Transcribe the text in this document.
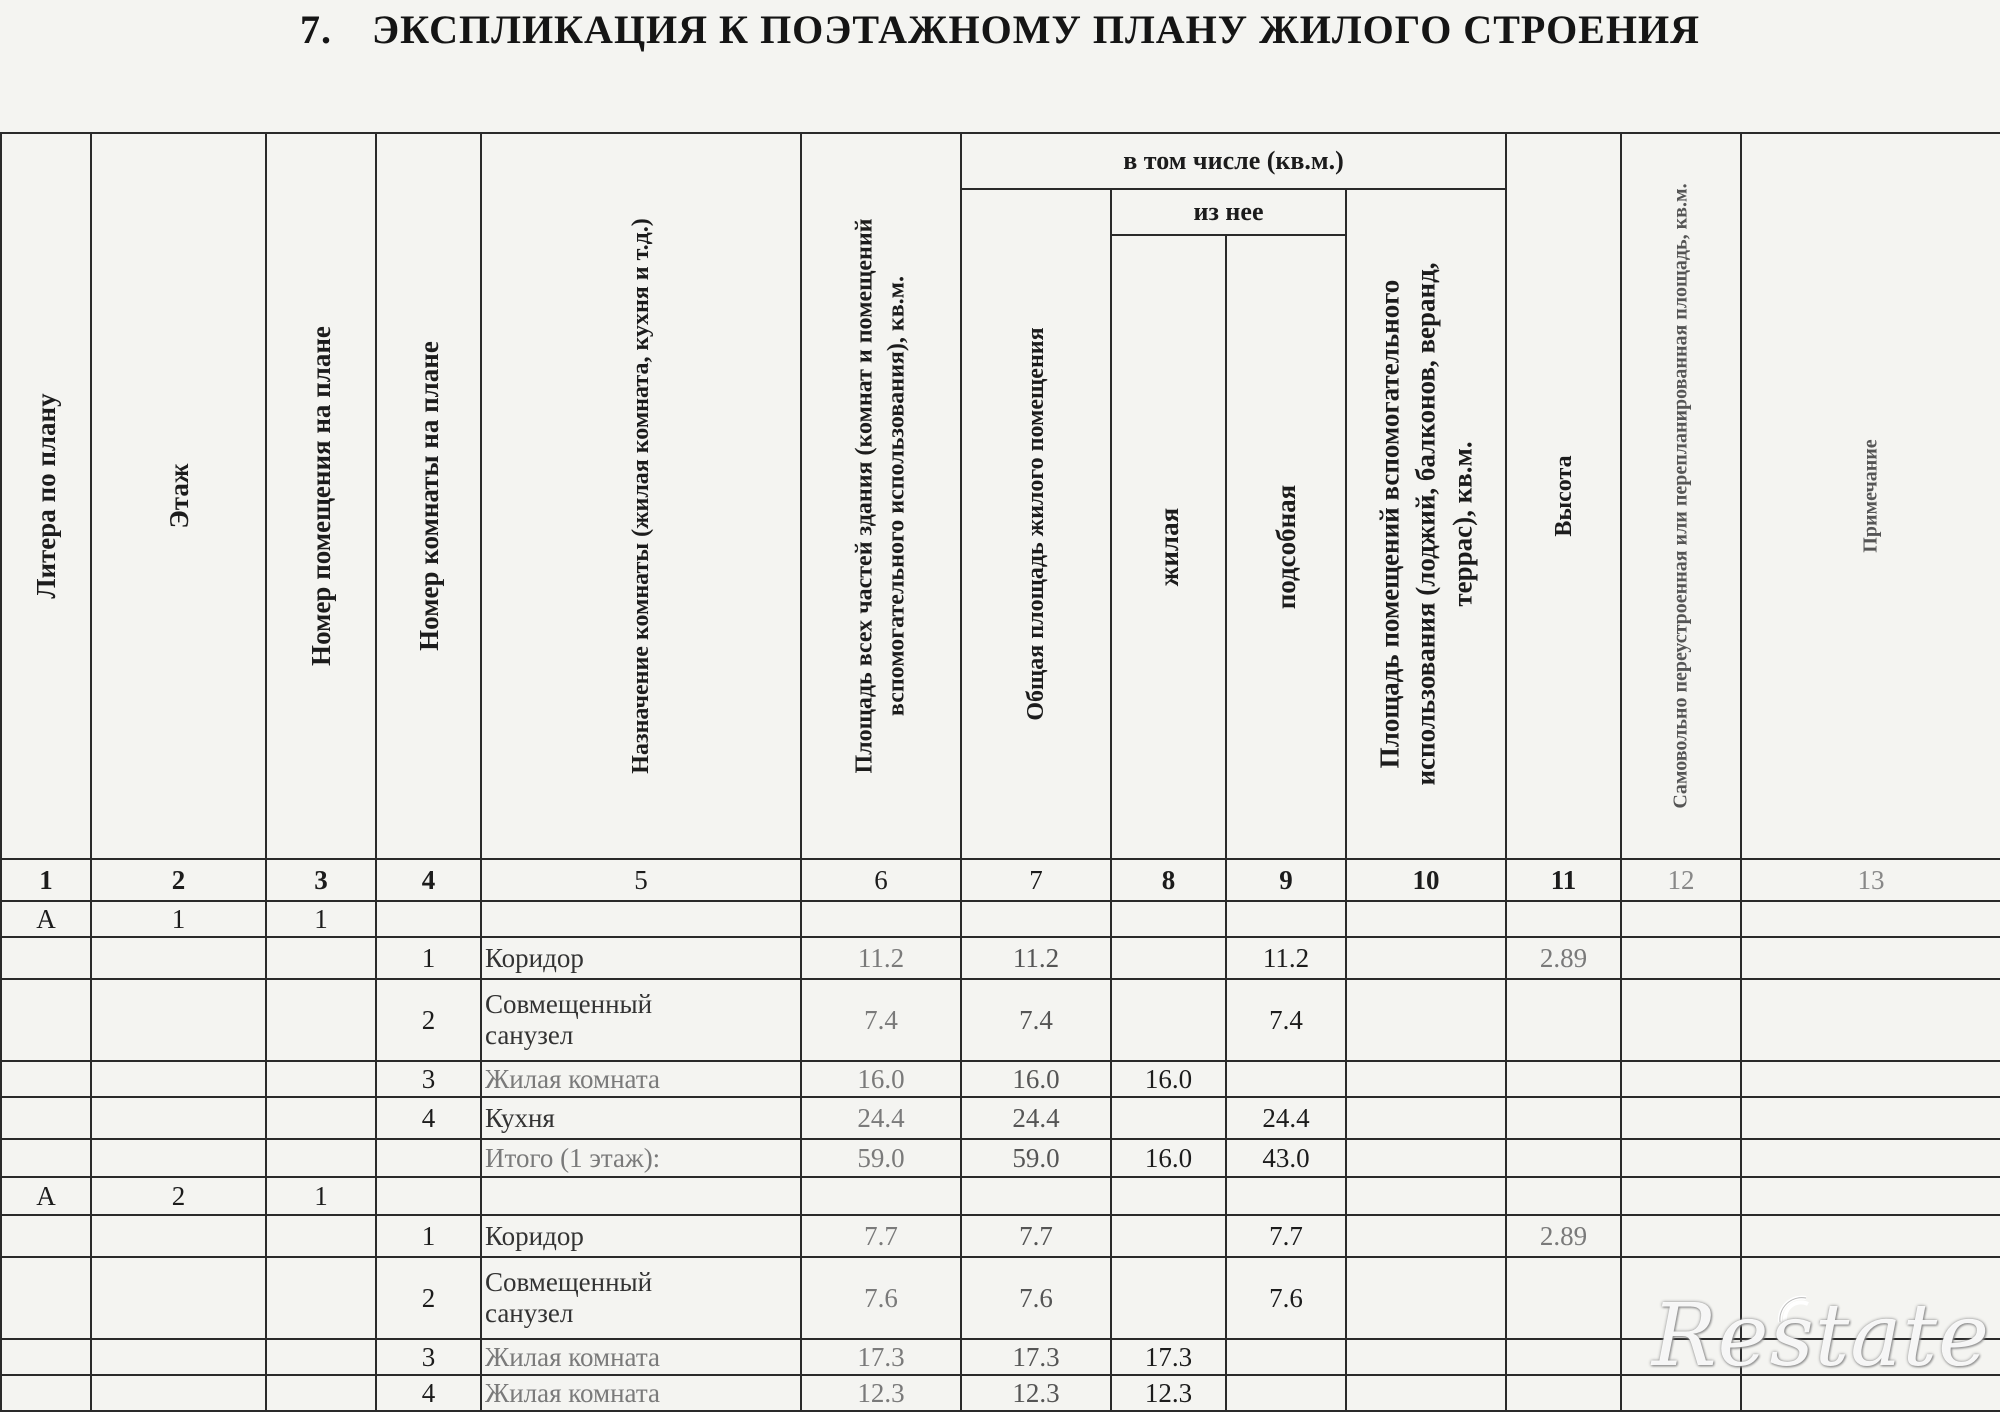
7. ЭКСПЛИКАЦИЯ К ПОЭТАЖНОМУ ПЛАНУ ЖИЛОГО СТРОЕНИЯ
Литера по плану	Этаж	Номер помещения на плане	Номер комнаты на плане	Назначение комнаты (жилая комната, кухня и т.д.)	Площадь всех частей здания (комнат и помещений вспомогательного использования), кв.м.	в том числе (кв.м.)				Высота	Самовольно переустроенная или перепланированная площадь, кв.м.	Примечание

						Общая площадь жилого помещения	из нее		Площадь помещений вспомогательного использования (лоджий, балконов, веранд, террас), кв.м.			

							жилая	подсобная				

1	2	3	4	5	6	7	8	9	10	11	12	13
А	1	1										
			1	Коридор	11.2	11.2		11.2		2.89		
			2	Совмещенный санузел	7.4	7.4		7.4				
			3	Жилая комната	16.0	16.0	16.0					
			4	Кухня	24.4	24.4		24.4				
				Итого (1 этаж):	59.0	59.0	16.0	43.0				
А	2	1										
			1	Коридор	7.7	7.7		7.7		2.89		
			2	Совмещенный санузел	7.6	7.6		7.6				
			3	Жилая комната	17.3	17.3	17.3					
			4	Жилая комната	12.3	12.3	12.3					
Restate
